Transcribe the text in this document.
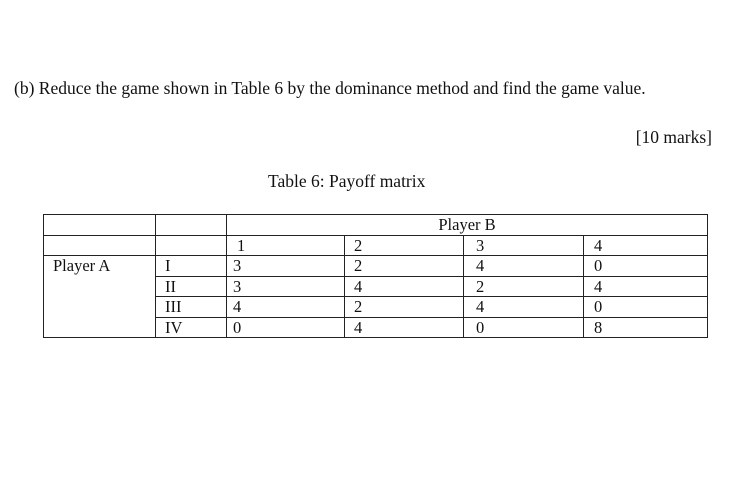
(b) Reduce the game shown in Table 6 by the dominance method and find the game value.
[10 marks]
Table 6: Payoff matrix
		Player B			
		1	2	3	4
Player A	I	3	2	4	0
	II	3	4	2	4
	III	4	2	4	0
	IV	0	4	0	8
